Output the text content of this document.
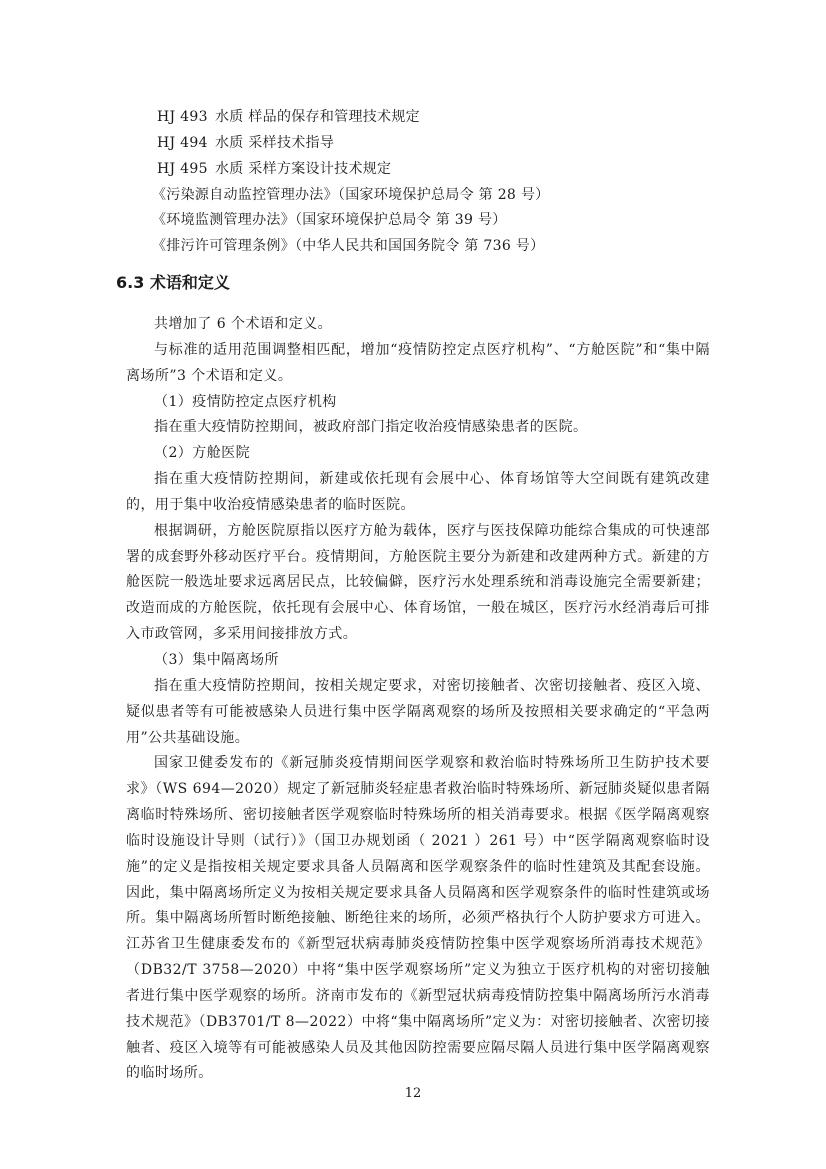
HJ 493 水质 样品的保存和管理技术规定
HJ 494 水质 采样技术指导
HJ 495 水质 采样方案设计技术规定
《污染源自动监控管理办法》（国家环境保护总局令 第 28 号）
《环境监测管理办法》（国家环境保护总局令 第 39 号）
《排污许可管理条例》（中华人民共和国国务院令 第 736 号）
6.3 术语和定义

共增加了 6 个术语和定义。

与标准的适用范围调整相匹配，增加“疫情防控定点医疗机构”、“方舱医院”和“集中隔离场所”3 个术语和定义。

（1）疫情防控定点医疗机构

指在重大疫情防控期间，被政府部门指定收治疫情感染患者的医院。

（2）方舱医院

指在重大疫情防控期间，新建或依托现有会展中心、体育场馆等大空间既有建筑改建的，用于集中收治疫情感染患者的临时医院。

根据调研，方舱医院原指以医疗方舱为载体，医疗与医技保障功能综合集成的可快速部署的成套野外移动医疗平台。疫情期间，方舱医院主要分为新建和改建两种方式。新建的方舱医院一般选址要求远离居民点，比较偏僻，医疗污水处理系统和消毒设施完全需要新建；改造而成的方舱医院，依托现有会展中心、体育场馆，一般在城区，医疗污水经消毒后可排入市政管网，多采用间接排放方式。

（3）集中隔离场所

指在重大疫情防控期间，按相关规定要求，对密切接触者、次密切接触者、疫区入境、疑似患者等有可能被感染人员进行集中医学隔离观察的场所及按照相关要求确定的“平急两用”公共基础设施。

国家卫健委发布的《新冠肺炎疫情期间医学观察和救治临时特殊场所卫生防护技术要求》（WS 694—2020）规定了新冠肺炎轻症患者救治临时特殊场所、新冠肺炎疑似患者隔离临时特殊场所、密切接触者医学观察临时特殊场所的相关消毒要求。根据《医学隔离观察临时设施设计导则（试行）》（国卫办规划函（ 2021 ）261 号）中“医学隔离观察临时设施”的定义是指按相关规定要求具备人员隔离和医学观察条件的临时性建筑及其配套设施。因此，集中隔离场所定义为按相关规定要求具备人员隔离和医学观察条件的临时性建筑或场所。集中隔离场所暂时断绝接触、断绝往来的场所，必须严格执行个人防护要求方可进入。江苏省卫生健康委发布的《新型冠状病毒肺炎疫情防控集中医学观察场所消毒技术规范》（DB32/T 3758—2020）中将“集中医学观察场所”定义为独立于医疗机构的对密切接触者进行集中医学观察的场所。济南市发布的《新型冠状病毒疫情防控集中隔离场所污水消毒技术规范》（DB3701/T 8—2022）中将“集中隔离场所”定义为：对密切接触者、次密切接触者、疫区入境等有可能被感染人员及其他因防控需要应隔尽隔人员进行集中医学隔离观察的临时场所。

12
